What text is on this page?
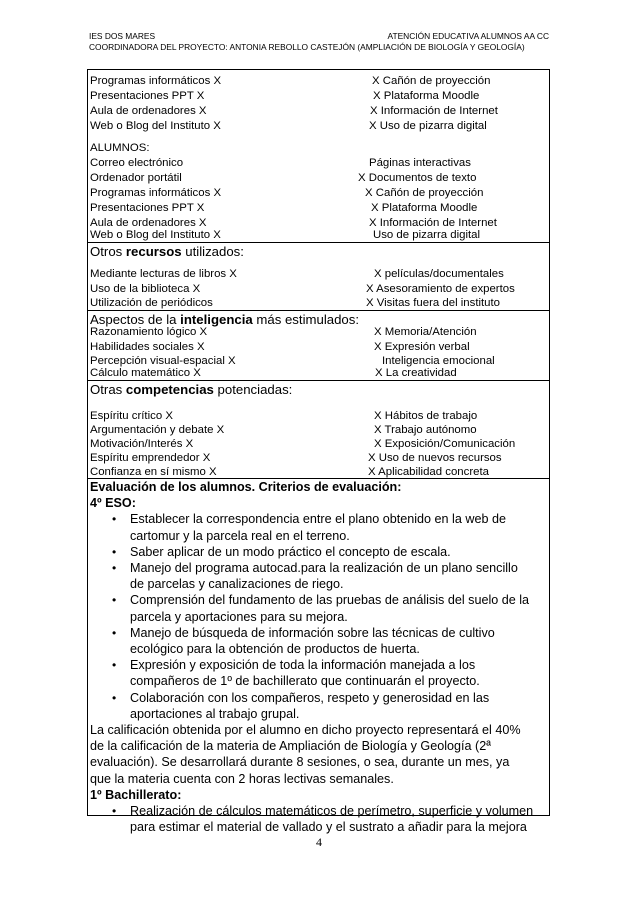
IES DOS MARES	ATENCIÓN EDUCATIVA ALUMNOS AA CC
COORDINADORA DEL PROYECTO: ANTONIA REBOLLO CASTEJÓN (AMPLIACIÓN DE BIOLOGÍA Y GEOLOGÍA)
Programas informáticos X	X Cañón de proyección
Presentaciones PPT X	X Plataforma Moodle
Aula de ordenadores X	X Información de Internet
Web o Blog del Instituto X	X Uso de pizarra digital
ALUMNOS:
Correo electrónico	Páginas interactivas
Ordenador portátil	X Documentos de texto
Programas informáticos X	X Cañón de proyección
Presentaciones PPT X	X Plataforma Moodle
Aula de ordenadores X	X Información de Internet
Web o Blog del Instituto X	Uso de pizarra digital
Otros recursos utilizados:
Mediante lecturas de libros X	X películas/documentales
Uso de la biblioteca X	X Asesoramiento de expertos
Utilización de periódicos	X Visitas fuera del instituto
Aspectos de la inteligencia más estimulados:
Razonamiento lógico X	X Memoria/Atención
Habilidades sociales X	X Expresión verbal
Percepción visual-espacial X	Inteligencia emocional
Cálculo matemático X	X La creatividad
Otras competencias potenciadas:
Espíritu crítico X	X Hábitos de trabajo
Argumentación y debate X	X Trabajo autónomo
Motivación/Interés X	X Exposición/Comunicación
Espíritu emprendedor X	X Uso de nuevos recursos
Confianza en sí mismo X	X Aplicabilidad concreta
Evaluación de los alumnos. Criterios de evaluación:
4º ESO:
• Establecer la correspondencia entre el plano obtenido en la web de
cartomur y la parcela real en el terreno.
• Saber aplicar de un modo práctico el concepto de escala.
• Manejo del programa autocad.para la realización de un plano sencillo
de parcelas y canalizaciones de riego.
• Comprensión del fundamento de las pruebas de análisis del suelo de la
parcela y aportaciones para su mejora.
• Manejo de búsqueda de información sobre las técnicas de cultivo
ecológico para la obtención de productos de huerta.
• Expresión y exposición de toda la información manejada a los
compañeros de 1º de bachillerato que continuarán el proyecto.
• Colaboración con los compañeros, respeto y generosidad en las
aportaciones al trabajo grupal.
La calificación obtenida por el alumno en dicho proyecto representará el 40%
de la calificación de la materia de Ampliación de Biología y Geología (2ª
evaluación). Se desarrollará durante 8 sesiones, o sea, durante un mes, ya
que la materia cuenta con 2 horas lectivas semanales.
1º Bachillerato:
• Realización de cálculos matemáticos de perímetro, superficie y volumen
para estimar el material de vallado y el sustrato a añadir para la mejora
4
